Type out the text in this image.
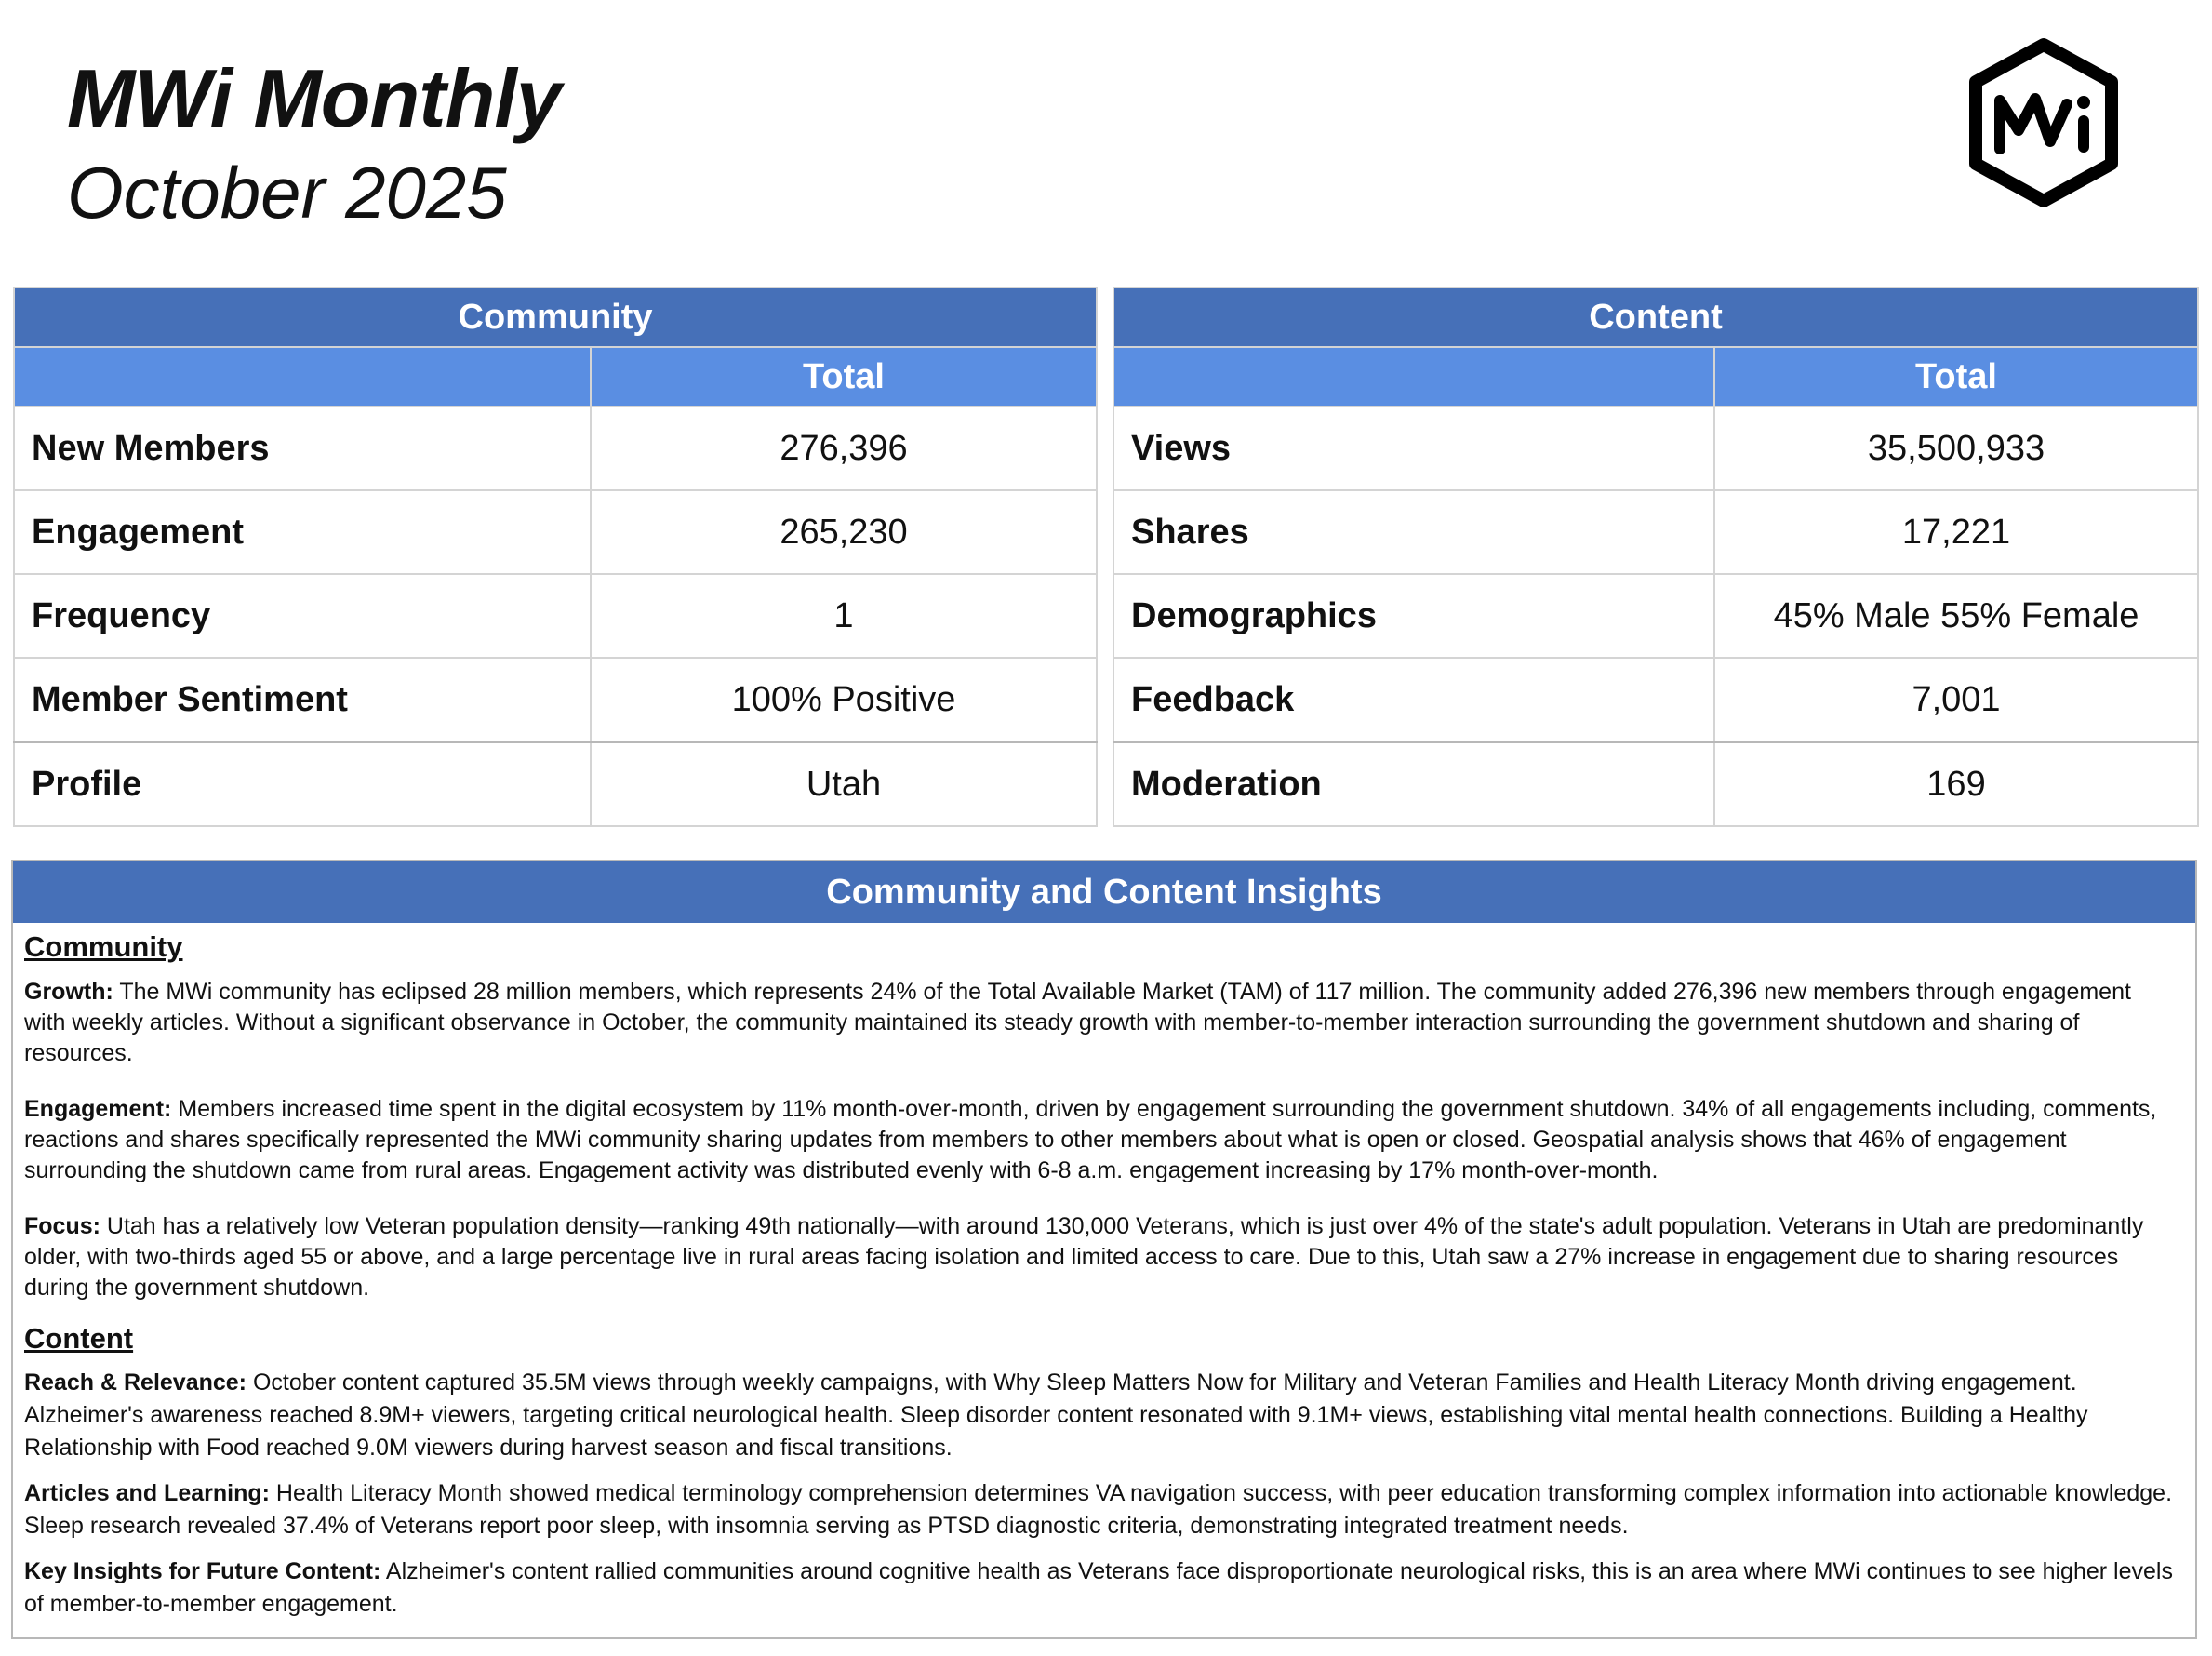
MWi Monthly
October 2025
Community	
	Total
New Members	276,396
Engagement	265,230
Frequency	1
Member Sentiment	100% Positive
Profile	Utah
Content	
	Total
Views	35,500,933
Shares	17,221
Demographics	45% Male 55% Female
Feedback	7,001
Moderation	169
Community and Content Insights

Community

Growth: The MWi community has eclipsed 28 million members, which represents 24% of the Total Available Market (TAM) of 117 million. The community added 276,396 new members through engagement with weekly articles. Without a significant observance in October, the community maintained its steady growth with member-to-member interaction surrounding the government shutdown and sharing of resources.

Engagement: Members increased time spent in the digital ecosystem by 11% month-over-month, driven by engagement surrounding the government shutdown. 34% of all engagements including, comments, reactions and shares specifically represented the MWi community sharing updates from members to other members about what is open or closed. Geospatial analysis shows that 46% of engagement surrounding the shutdown came from rural areas. Engagement activity was distributed evenly with 6-8 a.m. engagement increasing by 17% month-over-month.

Focus: Utah has a relatively low Veteran population density—ranking 49th nationally—with around 130,000 Veterans, which is just over 4% of the state's adult population. Veterans in Utah are predominantly older, with two-thirds aged 55 or above, and a large percentage live in rural areas facing isolation and limited access to care. Due to this, Utah saw a 27% increase in engagement due to sharing resources during the government shutdown.

Content

Reach & Relevance: October content captured 35.5M views through weekly campaigns, with Why Sleep Matters Now for Military and Veteran Families and Health Literacy Month driving engagement. Alzheimer's awareness reached 8.9M+ viewers, targeting critical neurological health. Sleep disorder content resonated with 9.1M+ views, establishing vital mental health connections. Building a Healthy Relationship with Food reached 9.0M viewers during harvest season and fiscal transitions.

Articles and Learning: Health Literacy Month showed medical terminology comprehension determines VA navigation success, with peer education transforming complex information into actionable knowledge. Sleep research revealed 37.4% of Veterans report poor sleep, with insomnia serving as PTSD diagnostic criteria, demonstrating integrated treatment needs.

Key Insights for Future Content: Alzheimer's content rallied communities around cognitive health as Veterans face disproportionate neurological risks, this is an area where MWi continues to see higher levels of member-to-member engagement.
